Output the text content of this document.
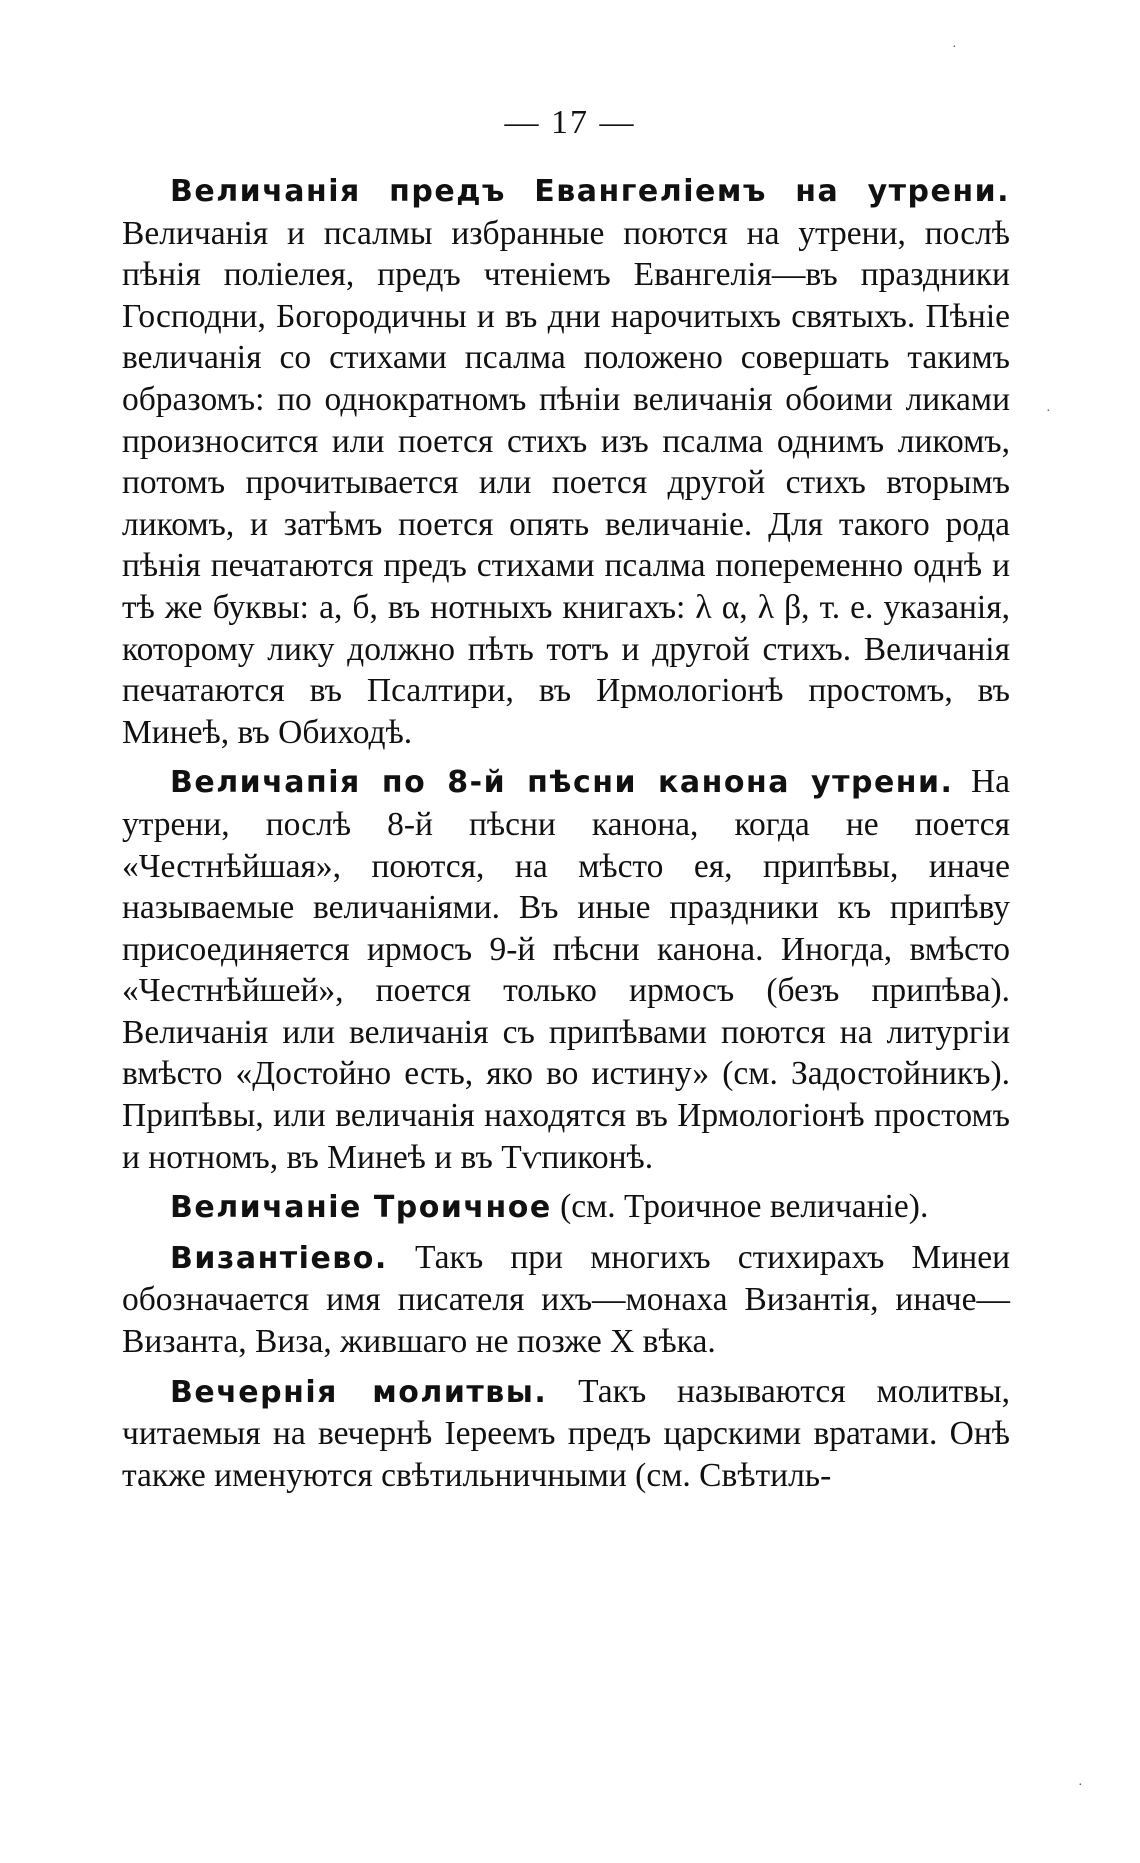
— 17 —

Величанія предъ Евангеліемъ на утрени. Величанія и псалмы избранные поются на утрени, послѣ пѣнія поліелея, предъ чтеніемъ Евангелія—въ праздники Господни, Богородичны и въ дни нарочитыхъ святыхъ. Пѣніе величанія со стихами псалма положено совершать такимъ образомъ: по однократномъ пѣніи величанія обоими ликами произносится или поется стихъ изъ псалма однимъ ликомъ, потомъ прочитывается или поется другой стихъ вторымъ ликомъ, и затѣмъ поется опять величаніе. Для такого рода пѣнія печатаются предъ стихами псалма попеременно однѣ и тѣ же буквы: а, б, въ нотныхъ книгахъ: λ α, λ β, т. е. указанія, которому лику должно пѣть тотъ и другой стихъ. Величанія печатаются въ Псалтири, въ Ирмологіонѣ простомъ, въ Минеѣ, въ Обиходѣ.

Величапія по 8-й пѣсни канона утрени. На утрени, послѣ 8-й пѣсни канона, когда не поется «Честнѣйшая», поются, на мѣсто ея, припѣвы, иначе называемые величаніями. Въ иные праздники къ припѣву присоединяется ирмосъ 9-й пѣсни канона. Иногда, вмѣсто «Честнѣйшей», поется только ирмосъ (безъ припѣва). Величанія или величанія съ припѣвами поются на литургіи вмѣсто «Достойно есть, яко во истину» (см. Задостойникъ). Припѣвы, или величанія находятся въ Ирмологіонѣ простомъ и нотномъ, въ Минеѣ и въ Тѵпиконѣ.

Величаніе Троичное (см. Троичное величаніе).

Византіево. Такъ при многихъ стихирахъ Минеи обозначается имя писателя ихъ—монаха Византія, иначе—Византа, Виза, жившаго не позже X вѣка.

Вечернія молитвы. Такъ называются молитвы, читаемыя на вечернѣ Іереемъ предъ царскими вратами. Онѣ также именуются свѣтильничными (см. Свѣтиль-

·
·
·
